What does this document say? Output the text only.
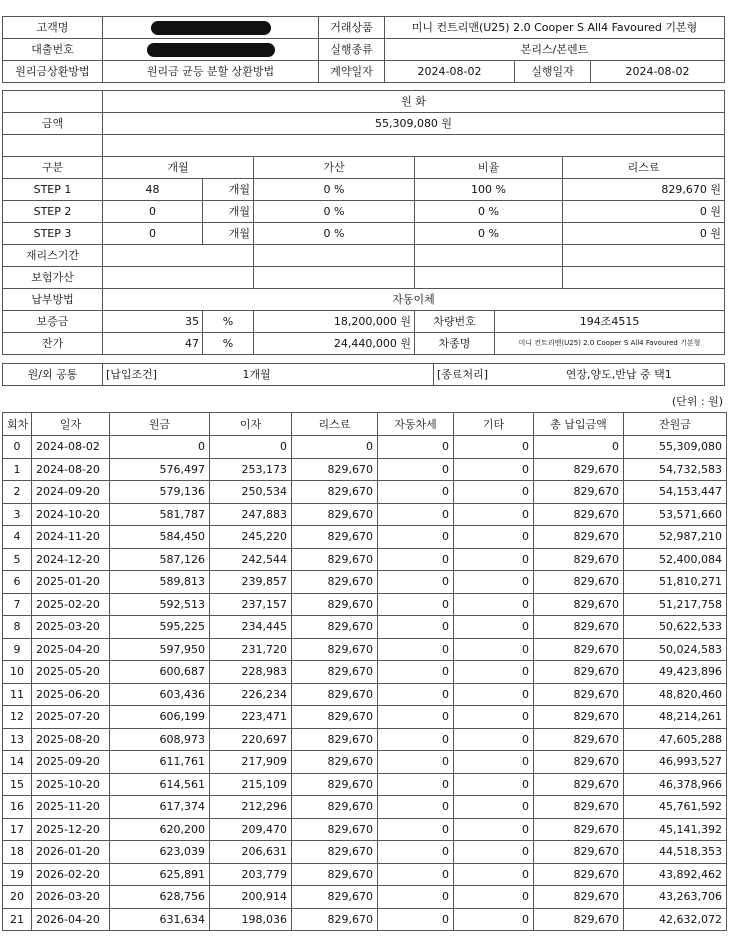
고객명		거래상품	미니 컨트리맨(U25) 2.0 Cooper S All4 Favoured 기본형
대출번호		실행종류	본리스/본렌트
원리금상환방법	원리금 균등 분할 상환방법	계약일자	2024-08-02	실행일자	2024-08-02
	원 화					
금액	55,309,080 원					

구분	개월		가산	비율		리스료
STEP 1	48	개월	0 %	100 %		829,670 원
STEP 2	0	개월	0 %	0 %		0 원
STEP 3	0	개월	0 %	0 %		0 원
재리스기간						
보험가산						
납부방법	자동이체					
보증금	35	%	18,200,000 원	차량번호	194조4515	
잔가	47	%	24,440,000 원	차종명	미니 컨트리맨(U25) 2.0 Cooper S All4 Favoured 기본형	
원/외 공통	[납입조건]	1개월	[종료처리]	연장,양도,반납 중 택1
(단위 : 원)
회차	일자	원금	이자	리스료	자동차세	기타	총 납입금액	잔원금
0	2024-08-02	0	0	0	0	0	0	55,309,080
1	2024-08-20	576,497	253,173	829,670	0	0	829,670	54,732,583
2	2024-09-20	579,136	250,534	829,670	0	0	829,670	54,153,447
3	2024-10-20	581,787	247,883	829,670	0	0	829,670	53,571,660
4	2024-11-20	584,450	245,220	829,670	0	0	829,670	52,987,210
5	2024-12-20	587,126	242,544	829,670	0	0	829,670	52,400,084
6	2025-01-20	589,813	239,857	829,670	0	0	829,670	51,810,271
7	2025-02-20	592,513	237,157	829,670	0	0	829,670	51,217,758
8	2025-03-20	595,225	234,445	829,670	0	0	829,670	50,622,533
9	2025-04-20	597,950	231,720	829,670	0	0	829,670	50,024,583
10	2025-05-20	600,687	228,983	829,670	0	0	829,670	49,423,896
11	2025-06-20	603,436	226,234	829,670	0	0	829,670	48,820,460
12	2025-07-20	606,199	223,471	829,670	0	0	829,670	48,214,261
13	2025-08-20	608,973	220,697	829,670	0	0	829,670	47,605,288
14	2025-09-20	611,761	217,909	829,670	0	0	829,670	46,993,527
15	2025-10-20	614,561	215,109	829,670	0	0	829,670	46,378,966
16	2025-11-20	617,374	212,296	829,670	0	0	829,670	45,761,592
17	2025-12-20	620,200	209,470	829,670	0	0	829,670	45,141,392
18	2026-01-20	623,039	206,631	829,670	0	0	829,670	44,518,353
19	2026-02-20	625,891	203,779	829,670	0	0	829,670	43,892,462
20	2026-03-20	628,756	200,914	829,670	0	0	829,670	43,263,706
21	2026-04-20	631,634	198,036	829,670	0	0	829,670	42,632,072
